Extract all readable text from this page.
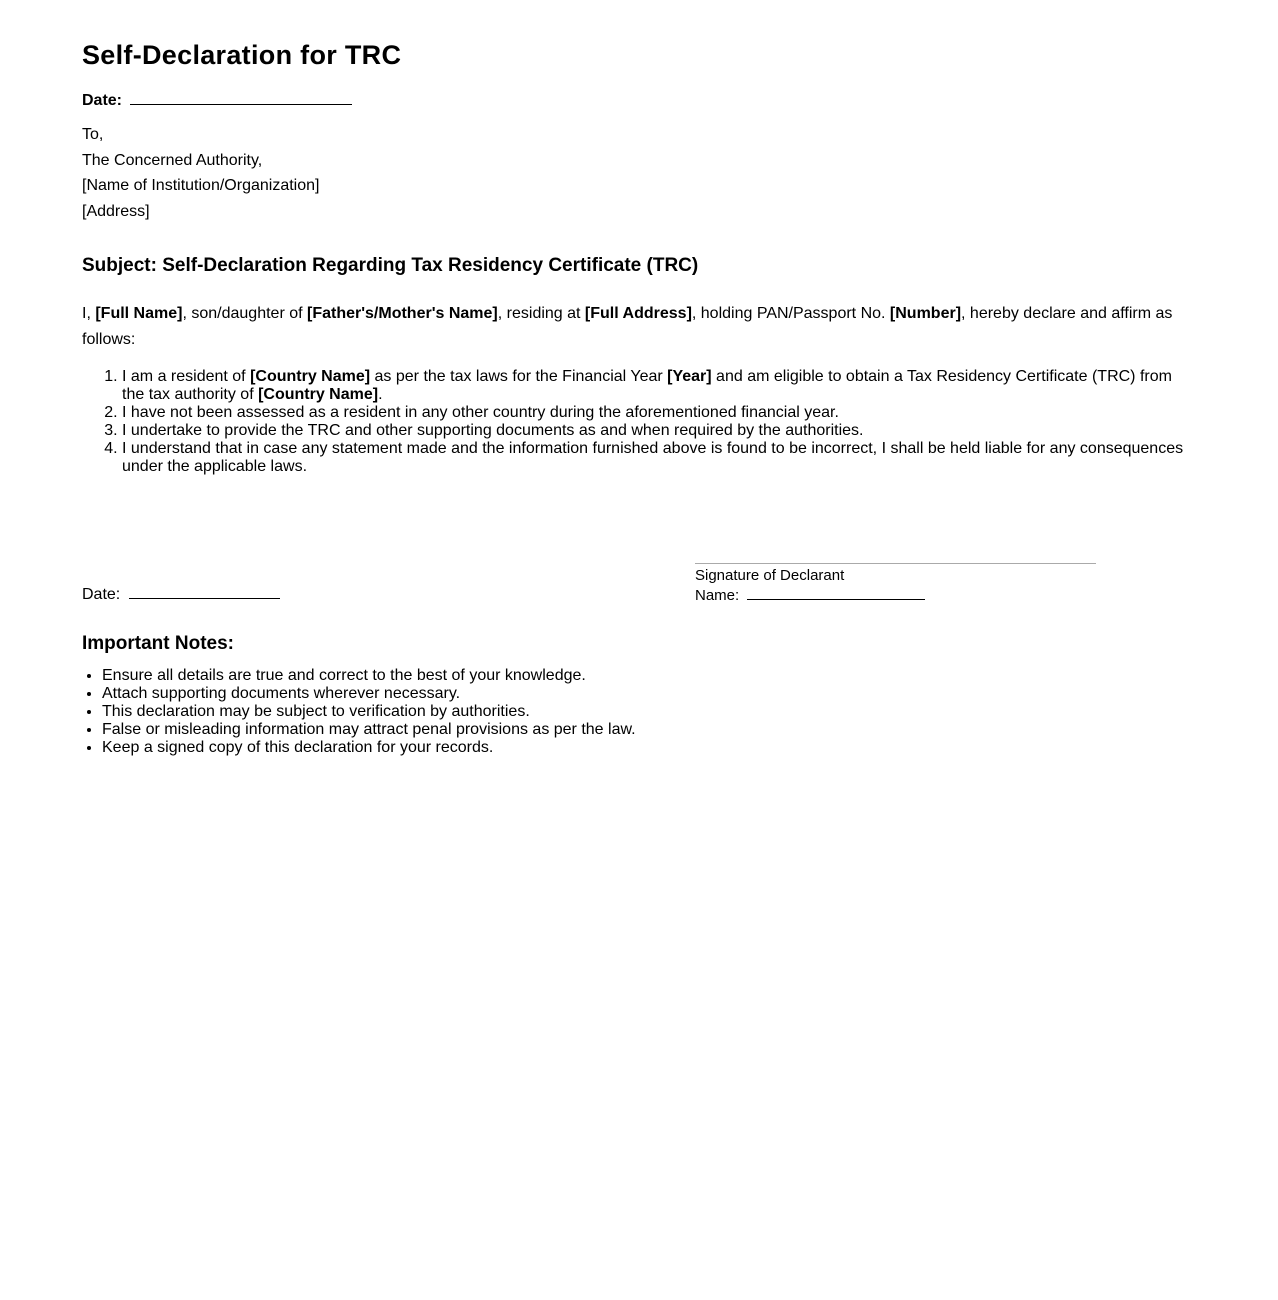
Self-Declaration for TRC
Date:
To,
The Concerned Authority,
[Name of Institution/Organization]
[Address]
Subject: Self-Declaration Regarding Tax Residency Certificate (TRC)

I, [Full Name], son/daughter of [Father's/Mother's Name], residing at [Full Address], holding PAN/Passport No. [Number], hereby declare and affirm as follows:

1. I am a resident of [Country Name] as per the tax laws for the Financial Year [Year] and am eligible to obtain a Tax Residency Certificate (TRC) from the tax authority of [Country Name].
2. I have not been assessed as a resident in any other country during the aforementioned financial year.
3. I undertake to provide the TRC and other supporting documents as and when required by the authorities.
4. I understand that in case any statement made and the information furnished above is found to be incorrect, I shall be held liable for any consequences under the applicable laws.
Date:
Signature of Declarant
Name:
Important Notes:
• Ensure all details are true and correct to the best of your knowledge.
• Attach supporting documents wherever necessary.
• This declaration may be subject to verification by authorities.
• False or misleading information may attract penal provisions as per the law.
• Keep a signed copy of this declaration for your records.
